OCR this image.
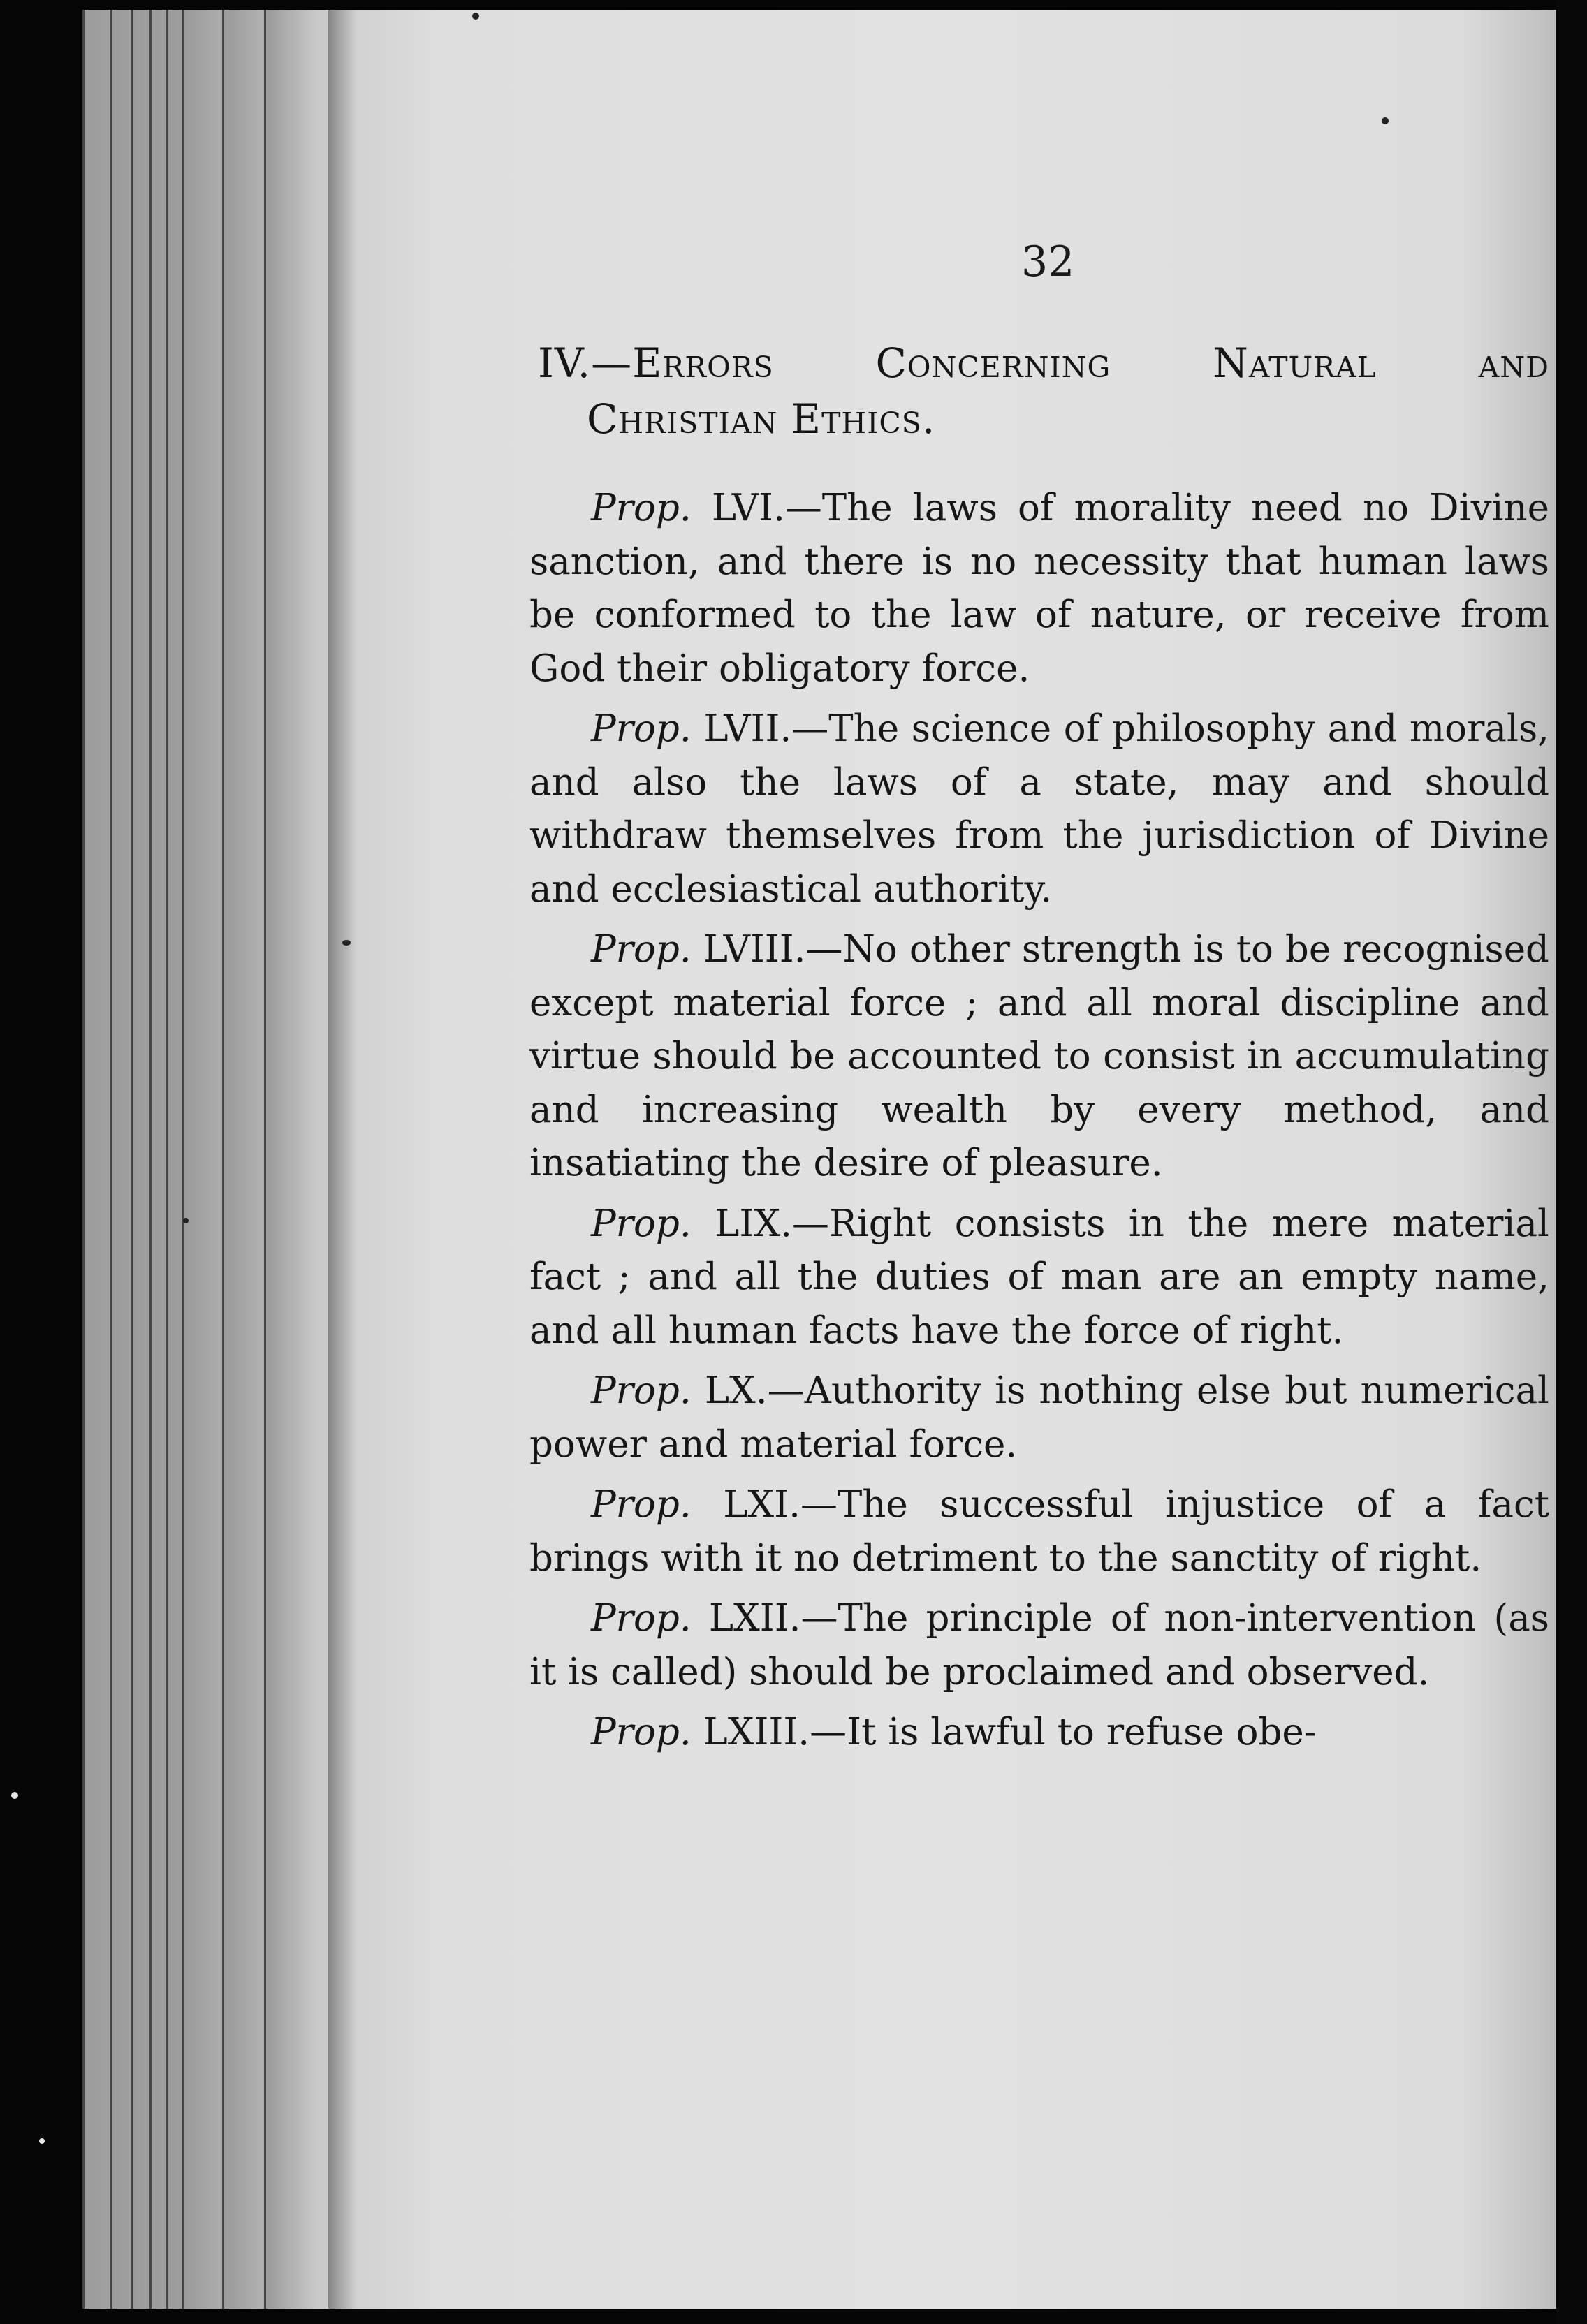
32
IV.—Errors Concerning Natural and
Christian Ethics.

Prop. LVI.—The laws of morality need no Divine sanction, and there is no necessity that human laws be conformed to the law of nature, or receive from God their obligatory force.

Prop. LVII.—The science of philosophy and morals, and also the laws of a state, may and should withdraw themselves from the jurisdiction of Divine and ecclesiastical authority.

Prop. LVIII.—No other strength is to be recognised except material force ; and all moral discipline and virtue should be accounted to consist in accumulating and increasing wealth by every method, and insatiating the desire of pleasure.

Prop. LIX.—Right consists in the mere material fact ; and all the duties of man are an empty name, and all human facts have the force of right.

Prop. LX.—Authority is nothing else but numerical power and material force.

Prop. LXI.—The successful injustice of a fact brings with it no detriment to the sanctity of right.

Prop. LXII.—The principle of non-intervention (as it is called) should be proclaimed and observed.

Prop. LXIII.—It is lawful to refuse obe-
